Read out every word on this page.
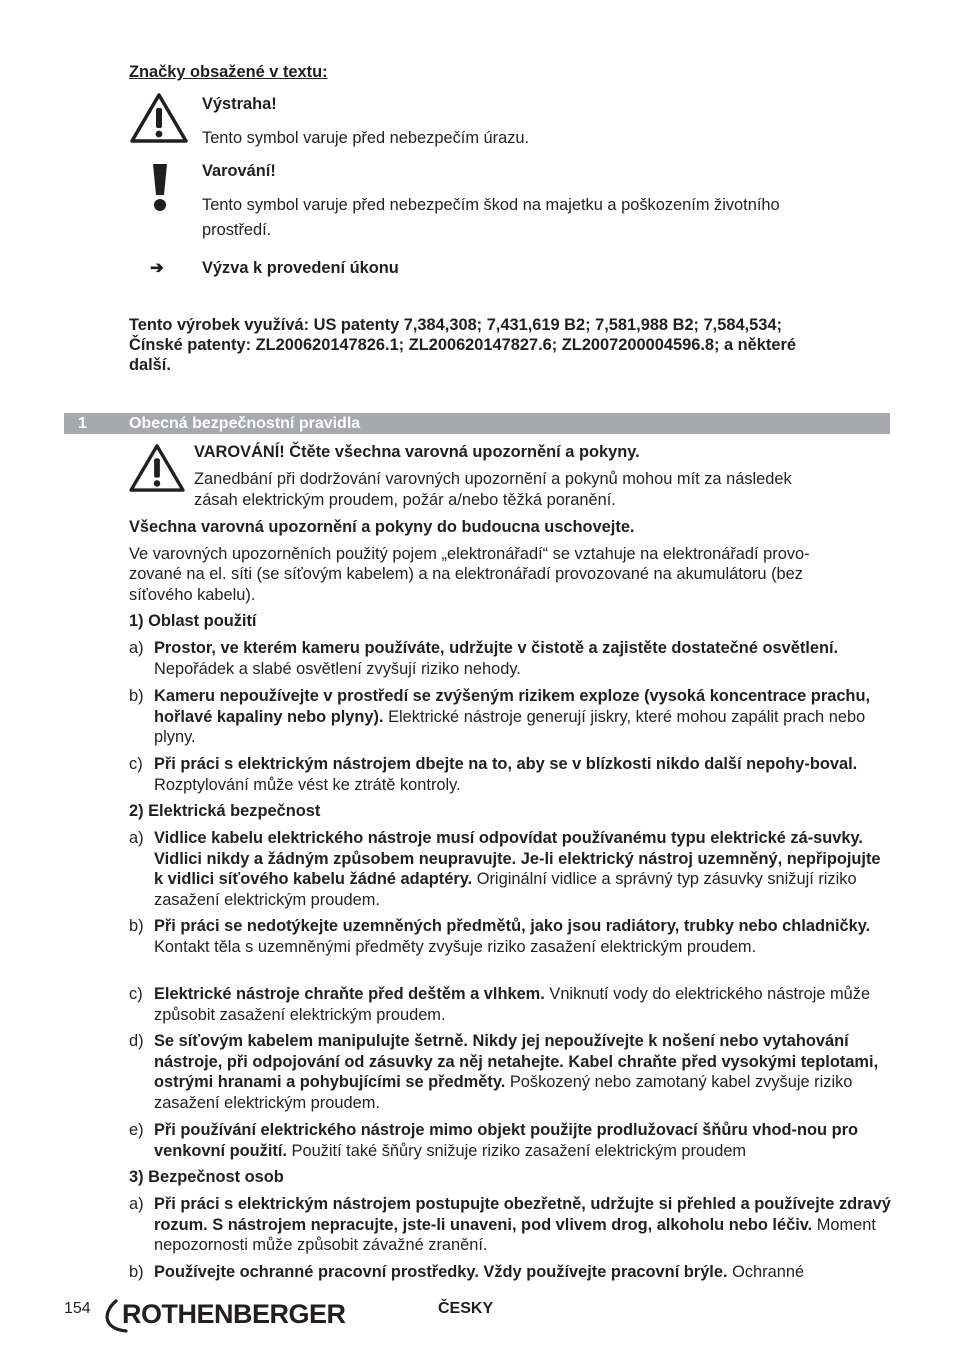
Značky obsažené v textu:
Výstraha!
Tento symbol varuje před nebezpečím úrazu.
Varování!
Tento symbol varuje před nebezpečím škod na majetku a poškozením životního
prostředí.
➔ Výzva k provedení úkonu
Tento výrobek využívá: US patenty 7,384,308; 7,431,619 B2; 7,581,988 B2; 7,584,534;
Čínské patenty: ZL200620147826.1; ZL200620147827.6; ZL2007200004596.8; a některé
další.
1	Obecná bezpečnostní pravidla
VAROVÁNÍ! Čtěte všechna varovná upozornění a pokyny.
Zanedbání při dodržování varovných upozornění a pokynů mohou mít za následek
zásah elektrickým proudem, požár a/nebo těžká poranění.
Všechna varovná upozornění a pokyny do budoucna uschovejte.
Ve varovných upozorněních použitý pojem „elektronářadí“ se vztahuje na elektronářadí provo-
zované na el. síti (se síťovým kabelem) a na elektronářadí provozované na akumulátoru (bez
síťového kabelu).
1) Oblast použití
a) Prostor, ve kterém kameru používáte, udržujte v čistotě a zajistěte dostatečné osvětlení. Nepořádek a slabé osvětlení zvyšují riziko nehody.
b) Kameru nepoužívejte v prostředí se zvýšeným rizikem exploze (vysoká koncentrace prachu, hořlavé kapaliny nebo plyny). Elektrické nástroje generují jiskry, které mohou zapálit prach nebo plyny.
c) Při práci s elektrickým nástrojem dbejte na to, aby se v blízkosti nikdo další nepohy-boval. Rozptylování může vést ke ztrátě kontroly.
2) Elektrická bezpečnost
a) Vidlice kabelu elektrického nástroje musí odpovídat používanému typu elektrické zá-suvky. Vidlici nikdy a žádným způsobem neupravujte. Je-li elektrický nástroj uzemněný, nepřipojujte k vidlici síťového kabelu žádné adaptéry. Originální vidlice a správný typ zásuvky snižují riziko zasažení elektrickým proudem.
b) Při práci se nedotýkejte uzemněných předmětů, jako jsou radiátory, trubky nebo chladničky. Kontakt těla s uzemněnými předměty zvyšuje riziko zasažení elektrickým proudem.
c) Elektrické nástroje chraňte před deštěm a vlhkem. Vniknutí vody do elektrického nástroje může způsobit zasažení elektrickým proudem.
d) Se síťovým kabelem manipulujte šetrně. Nikdy jej nepoužívejte k nošení nebo vytahování nástroje, při odpojování od zásuvky za něj netahejte. Kabel chraňte před vysokými teplotami, ostrými hranami a pohybujícími se předměty. Poškozený nebo zamotaný kabel zvyšuje riziko zasažení elektrickým proudem.
e) Při používání elektrického nástroje mimo objekt použijte prodlužovací šňůru vhod-nou pro venkovní použití. Použití také šňůry snižuje riziko zasažení elektrickým proudem
3) Bezpečnost osob
a) Při práci s elektrickým nástrojem postupujte obezřetně, udržujte si přehled a používejte zdravý rozum. S nástrojem nepracujte, jste-li unaveni, pod vlivem drog, alkoholu nebo léčiv. Moment nepozornosti může způsobit závažné zranění.
b) Používejte ochranné pracovní prostředky. Vždy používejte pracovní brýle. Ochranné
154 ROTHENBERGER	ČESKY
